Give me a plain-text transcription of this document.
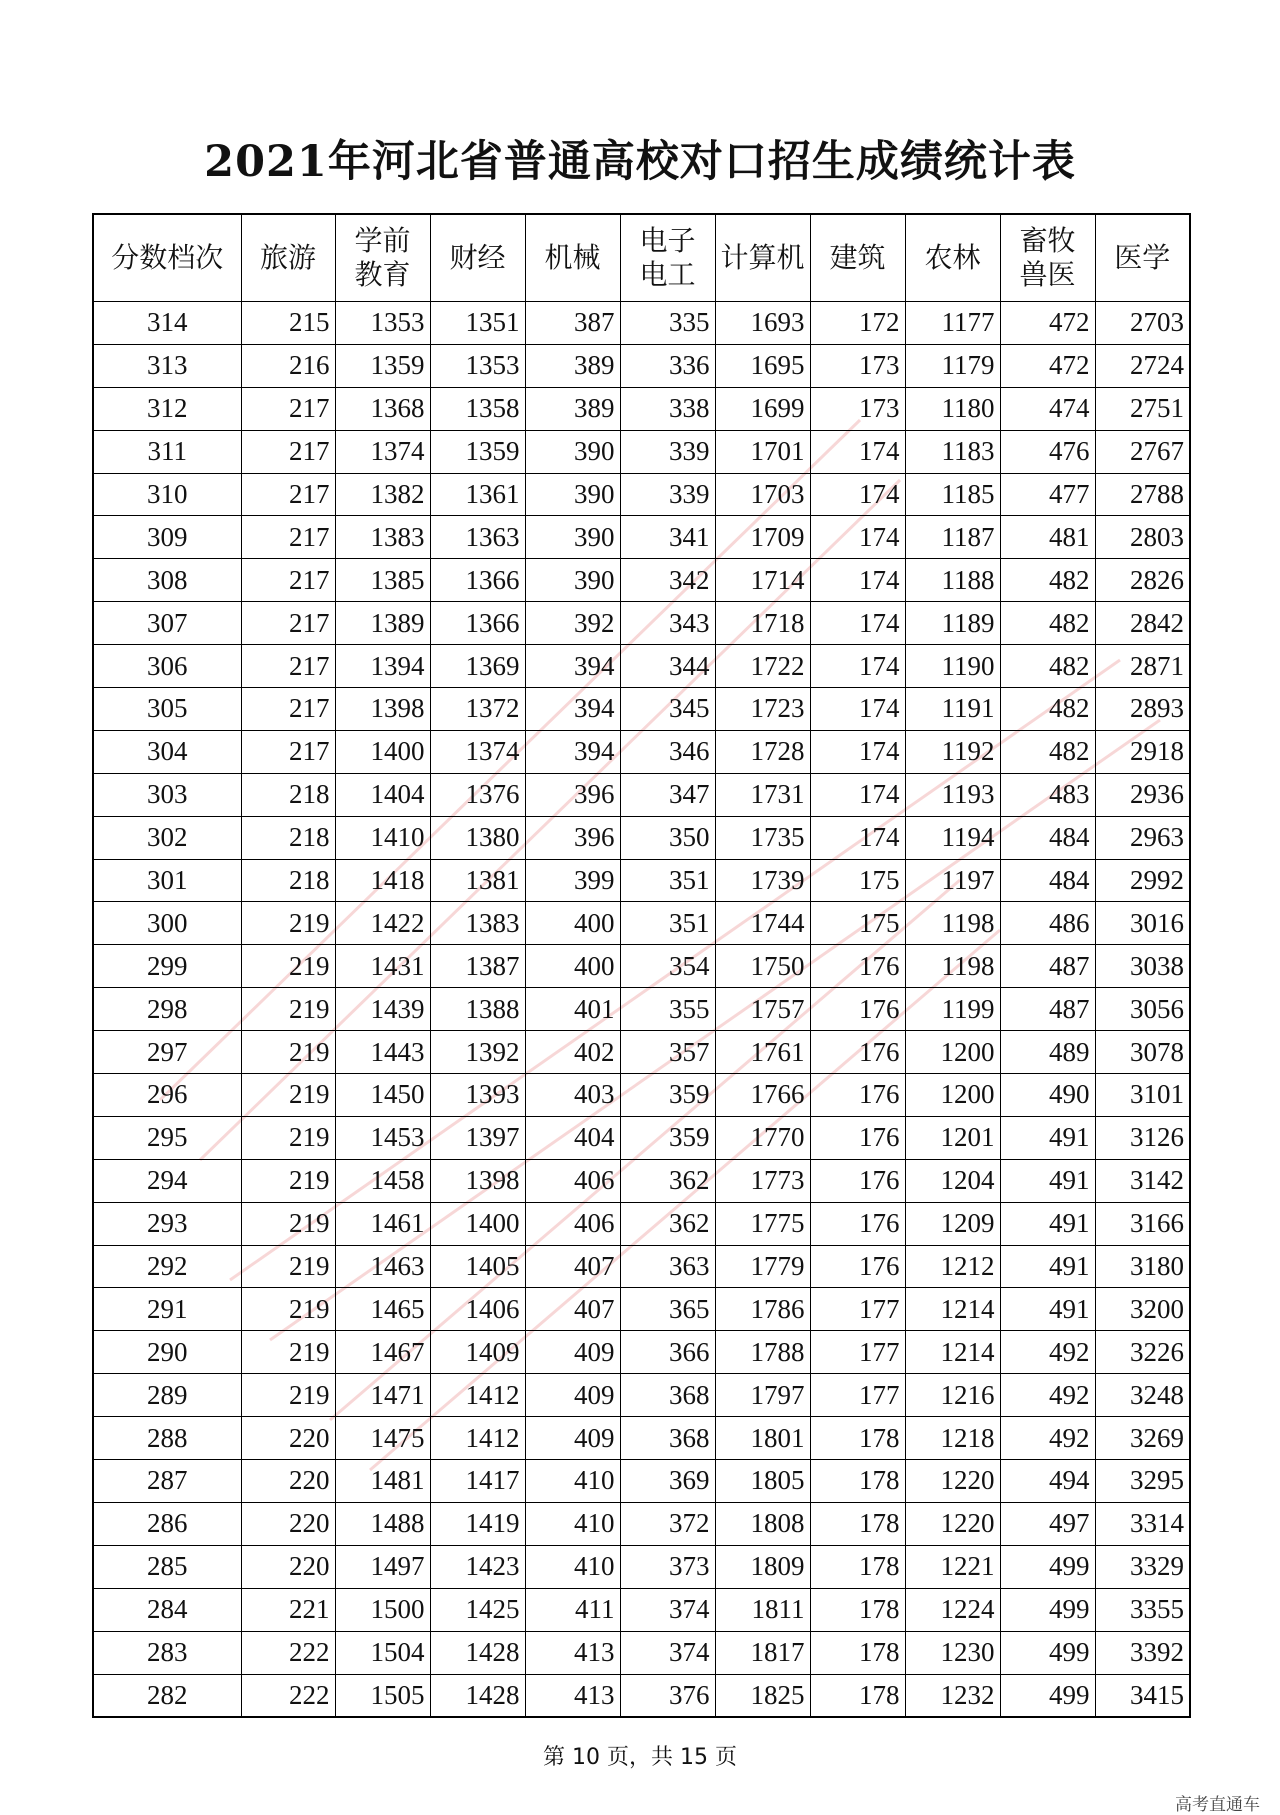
2021年河北省普通高校对口招生成绩统计表
分数档次	旅游	学前教育	财经	机械	电子电工	计算机	建筑	农林	畜牧兽医	医学
314	215	1353	1351	387	335	1693	172	1177	472	2703
313	216	1359	1353	389	336	1695	173	1179	472	2724
312	217	1368	1358	389	338	1699	173	1180	474	2751
311	217	1374	1359	390	339	1701	174	1183	476	2767
310	217	1382	1361	390	339	1703	174	1185	477	2788
309	217	1383	1363	390	341	1709	174	1187	481	2803
308	217	1385	1366	390	342	1714	174	1188	482	2826
307	217	1389	1366	392	343	1718	174	1189	482	2842
306	217	1394	1369	394	344	1722	174	1190	482	2871
305	217	1398	1372	394	345	1723	174	1191	482	2893
304	217	1400	1374	394	346	1728	174	1192	482	2918
303	218	1404	1376	396	347	1731	174	1193	483	2936
302	218	1410	1380	396	350	1735	174	1194	484	2963
301	218	1418	1381	399	351	1739	175	1197	484	2992
300	219	1422	1383	400	351	1744	175	1198	486	3016
299	219	1431	1387	400	354	1750	176	1198	487	3038
298	219	1439	1388	401	355	1757	176	1199	487	3056
297	219	1443	1392	402	357	1761	176	1200	489	3078
296	219	1450	1393	403	359	1766	176	1200	490	3101
295	219	1453	1397	404	359	1770	176	1201	491	3126
294	219	1458	1398	406	362	1773	176	1204	491	3142
293	219	1461	1400	406	362	1775	176	1209	491	3166
292	219	1463	1405	407	363	1779	176	1212	491	3180
291	219	1465	1406	407	365	1786	177	1214	491	3200
290	219	1467	1409	409	366	1788	177	1214	492	3226
289	219	1471	1412	409	368	1797	177	1216	492	3248
288	220	1475	1412	409	368	1801	178	1218	492	3269
287	220	1481	1417	410	369	1805	178	1220	494	3295
286	220	1488	1419	410	372	1808	178	1220	497	3314
285	220	1497	1423	410	373	1809	178	1221	499	3329
284	221	1500	1425	411	374	1811	178	1224	499	3355
283	222	1504	1428	413	374	1817	178	1230	499	3392
282	222	1505	1428	413	376	1825	178	1232	499	3415
第 10 页，共 15 页
高考直通车
